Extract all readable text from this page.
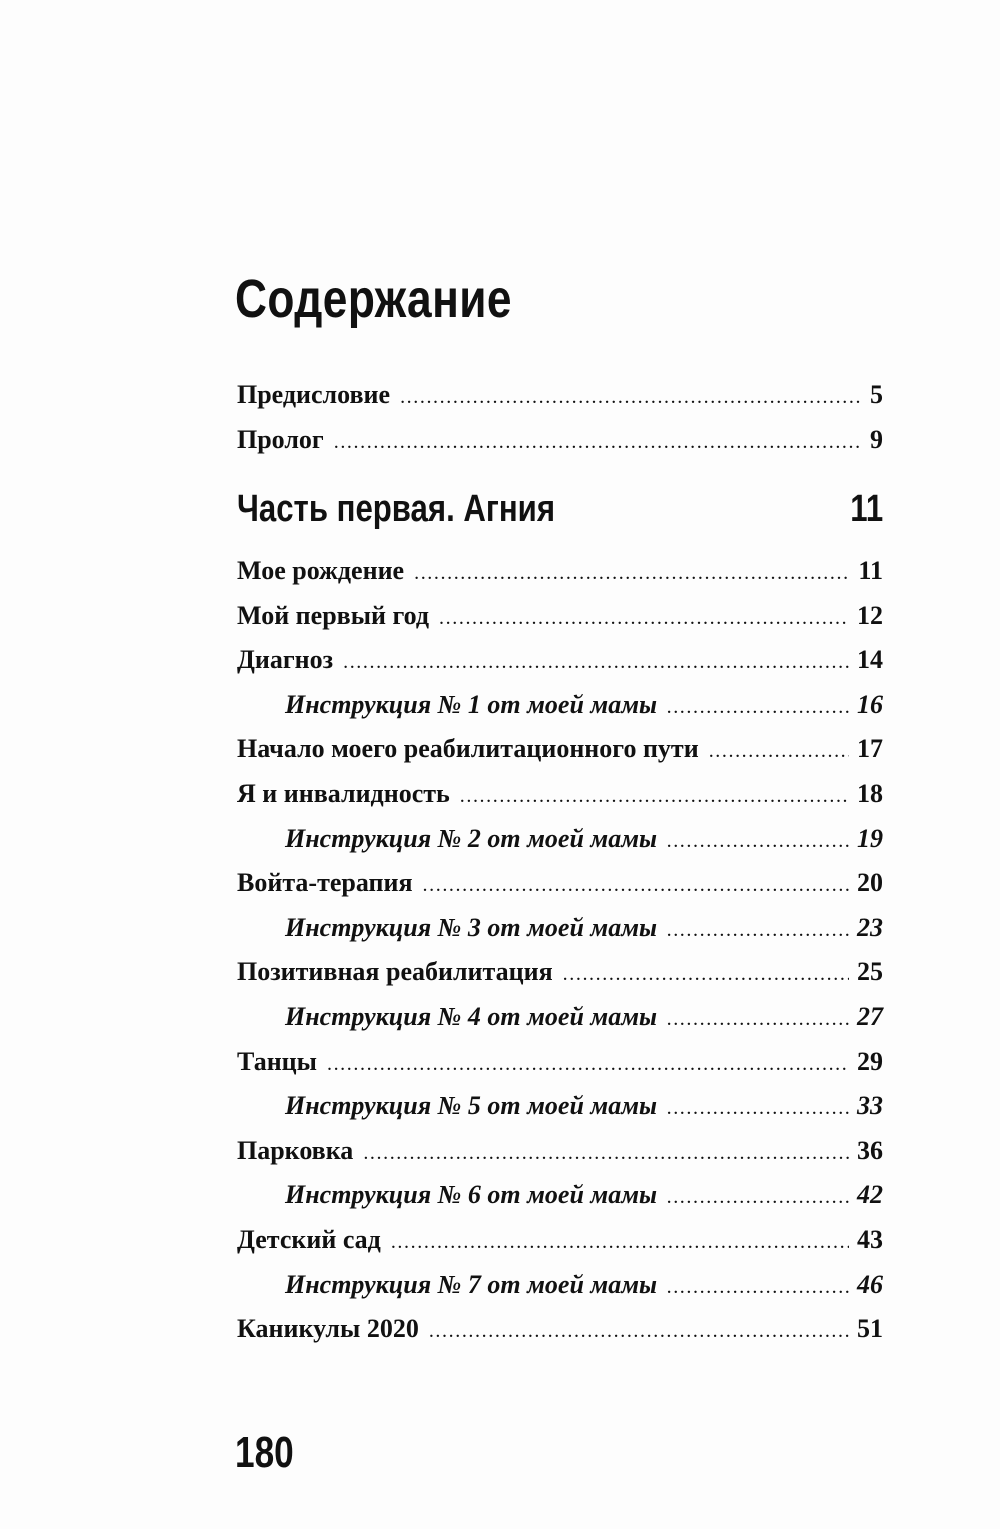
Содержание
Предисловие .....	5
Пролог .....	9
Часть первая. Агния	11
Мое рождение .....	11
Мой первый год .....	12
Диагноз .....	14
Инструкция № 1 от моей мамы .....	16
Начало моего реабилитационного пути .....	17
Я и инвалидность .....	18
Инструкция № 2 от моей мамы .....	19
Войта-терапия .....	20
Инструкция № 3 от моей мамы .....	23
Позитивная реабилитация .....	25
Инструкция № 4 от моей мамы .....	27
Танцы .....	29
Инструкция № 5 от моей мамы .....	33
Парковка .....	36
Инструкция № 6 от моей мамы .....	42
Детский сад .....	43
Инструкция № 7 от моей мамы .....	46
Каникулы 2020 .....	51
180
